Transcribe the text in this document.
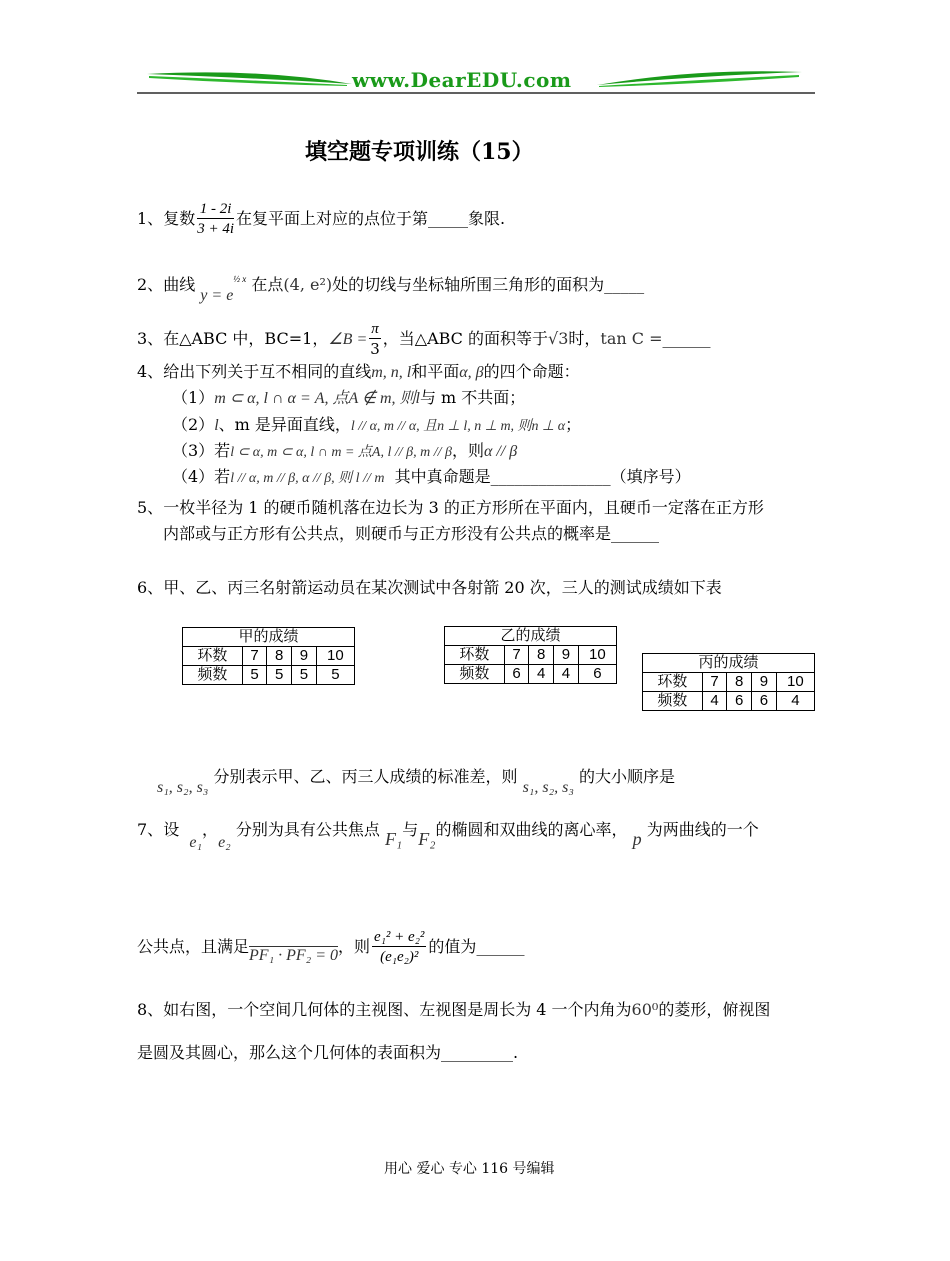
www.DearEDU.com
填空题专项训练（15）
1、复数 $\frac{1 - 2i}{3 + 4i}$ 在复平面上对应的点位于第_____象限.
2、曲线 $y = e^{\frac{1}{2} x}$ 在点(4, e²)处的切线与坐标轴所围三角形的面积为_____
3、在△ABC 中，BC=1，∠B = $\frac{\pi}{3}$ ，当△ABC 的面积等于√3时，tan C =______
4、给出下列关于互不相同的直线m, n, l和平面α, β的四个命题：
（1）m ⊂ α, l ∩ α = A, 点A ∉ m, 则l与 m 不共面；
（2）l、m 是异面直线，l // α, m // α, 且n ⊥ l, n ⊥ m, 则n ⊥ α；
（3）若l ⊂ α, m ⊂ α, l ∩ m = 点A, l // β, m // β，则α // β
（4）若l // α, m // β, α // β, 则 l // m 其中真命题是_______________（填序号）
5、一枚半径为 1 的硬币随机落在边长为 3 的正方形所在平面内，且硬币一定落在正方形
内部或与正方形有公共点，则硬币与正方形没有公共点的概率是______
6、甲、乙、丙三名射箭运动员在某次测试中各射箭 20 次，三人的测试成绩如下表
甲的成绩				
环数	7	8	9	10
频数	5	5	5	5
乙的成绩				
环数	7	8	9	10
频数	6	4	4	6
丙的成绩				
环数	7	8	9	10
频数	4	6	6	4
s₁, s₂, s₃ 分别表示甲、乙、丙三人成绩的标准差，则 s₁, s₂, s₃ 的大小顺序是
7、设  e₁，e₂ 分别为具有公共焦点 F₁与F₂的椭圆和双曲线的离心率， p 为两曲线的一个
公共点，且满足PF₁ · PF₂ = 0，则 $\frac{\text{e₁² + e₂²}}{\text{(e₁e₂)²}}$ 的值为______
8、如右图，一个空间几何体的主视图、左视图是周长为 4 一个内角为60⁰的菱形，俯视图
是圆及其圆心，那么这个几何体的表面积为_________.
用心 爱心 专心 116 号编辑
